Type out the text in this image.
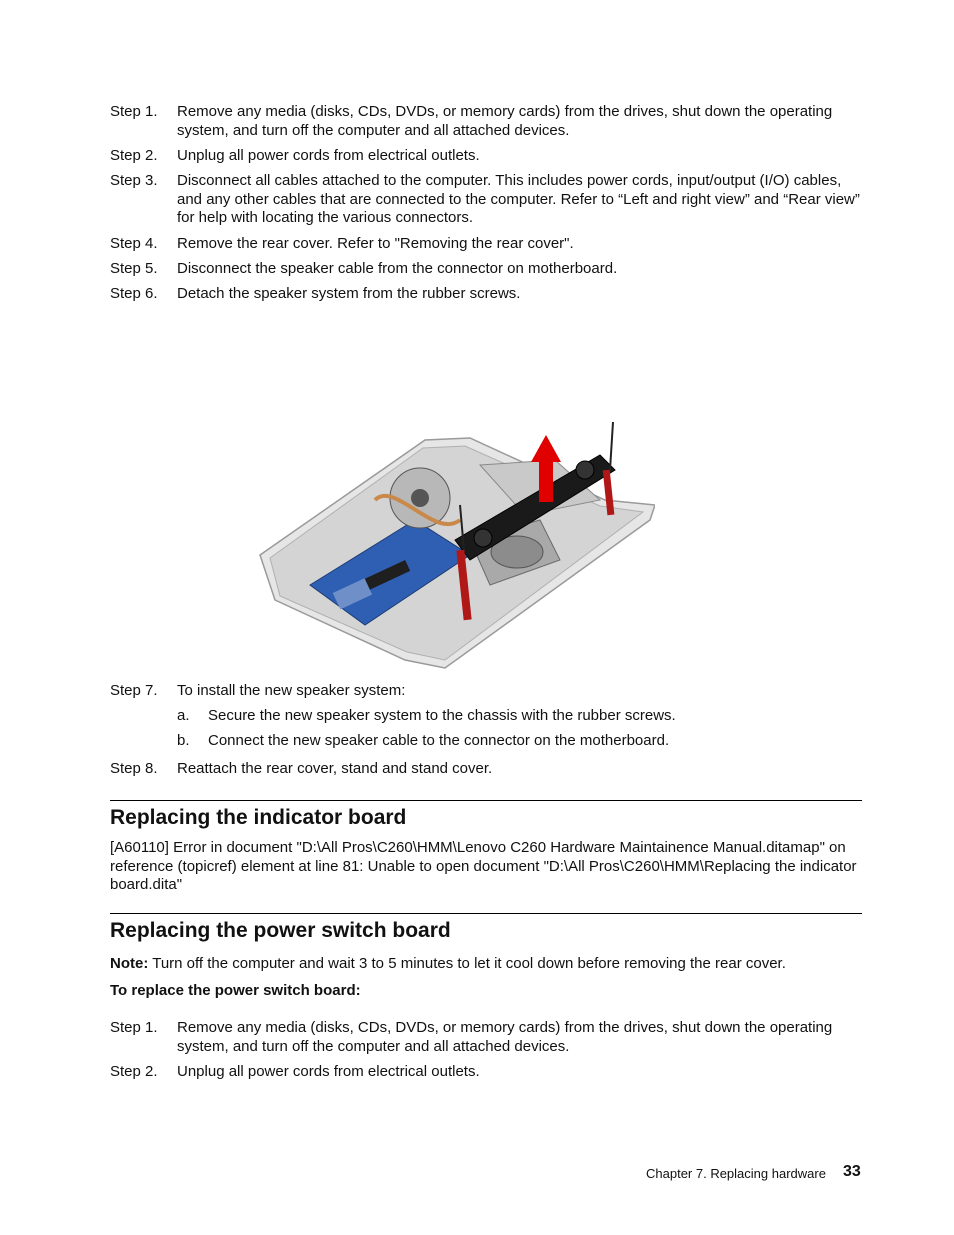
Step 1. Remove any media (disks, CDs, DVDs, or memory cards) from the drives, shut down the operating system, and turn off the computer and all attached devices.
Step 2. Unplug all power cords from electrical outlets.
Step 3. Disconnect all cables attached to the computer. This includes power cords, input/output (I/O) cables, and any other cables that are connected to the computer. Refer to “Left and right view” and “Rear view” for help with locating the various connectors.
Step 4. Remove the rear cover. Refer to "Removing the rear cover".
Step 5. Disconnect the speaker cable from the connector on motherboard.
Step 6. Detach the speaker system from the rubber screws.
Step 7. To install the new speaker system:
a. Secure the new speaker system to the chassis with the rubber screws.
b. Connect the new speaker cable to the connector on the motherboard.
Step 8. Reattach the rear cover, stand and stand cover.
Replacing the indicator board
[A60110] Error in document "D:\All Pros\C260\HMM\Lenovo C260 Hardware Maintainence Manual.ditamap" on reference (topicref) element at line 81: Unable to open document "D:\All Pros\C260\HMM\Replacing the indicator board.dita"
Replacing the power switch board
Note: Turn off the computer and wait 3 to 5 minutes to let it cool down before removing the rear cover.
To replace the power switch board:
Step 1. Remove any media (disks, CDs, DVDs, or memory cards) from the drives, shut down the operating system, and turn off the computer and all attached devices.
Step 2. Unplug all power cords from electrical outlets.
Chapter 7. Replacing hardware 33
